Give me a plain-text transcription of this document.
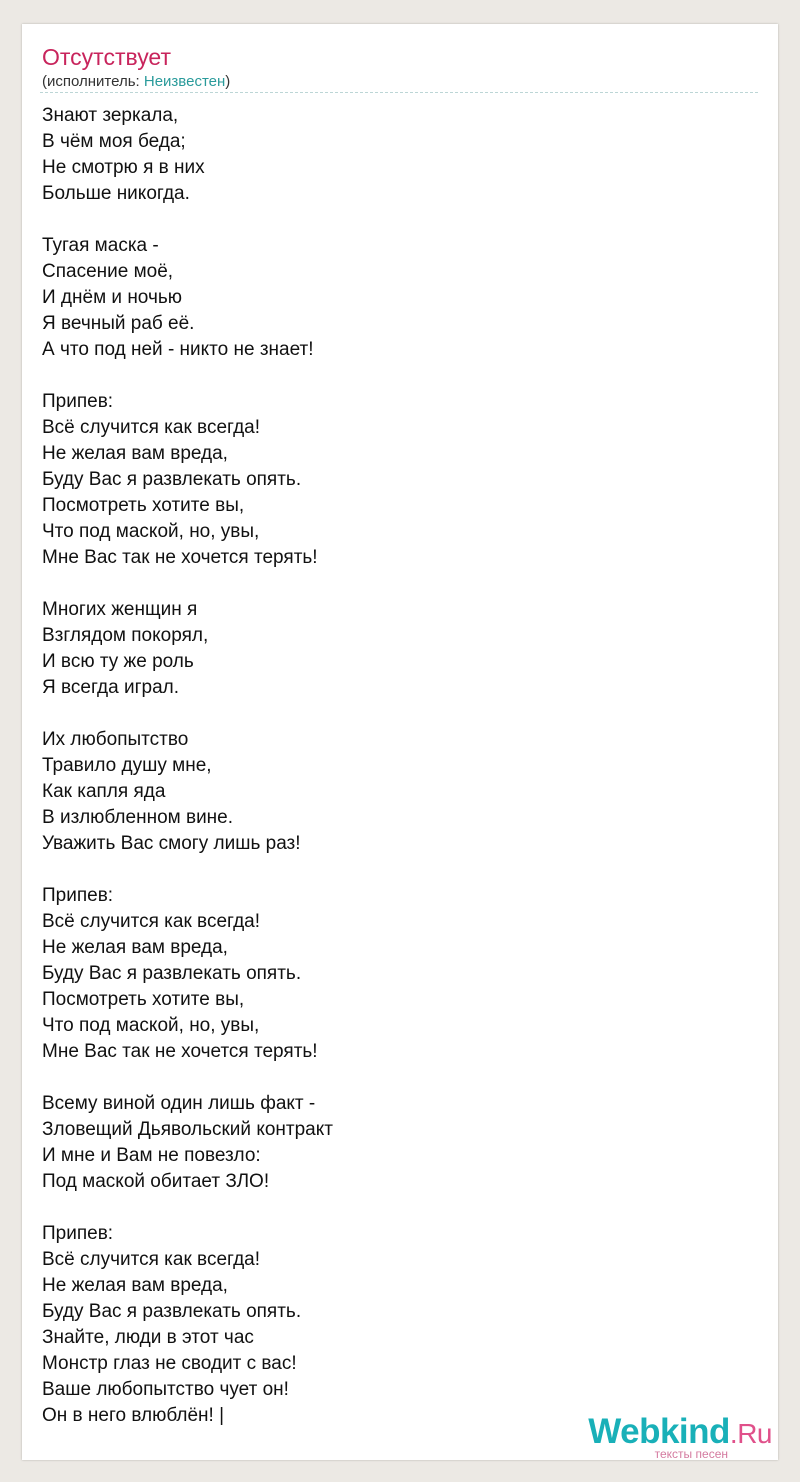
Отсутствует
(исполнитель: Неизвестен)
Знают зеркала,
В чём моя беда;
Не смотрю я в них
Больше никогда.
Тугая маска -
Спасение моё,
И днём и ночью
Я вечный раб её.
А что под ней - никто не знает!
Припев:
Всё случится как всегда!
Не желая вам вреда,
Буду Вас я развлекать опять.
Посмотреть хотите вы,
Что под маской, но, увы,
Мне Вас так не хочется терять!
Многих женщин я
Взглядом покорял,
И всю ту же роль
Я всегда играл.
Их любопытство
Травило душу мне,
Как капля яда
В излюбленном вине.
Уважить Вас смогу лишь раз!
Припев:
Всё случится как всегда!
Не желая вам вреда,
Буду Вас я развлекать опять.
Посмотреть хотите вы,
Что под маской, но, увы,
Мне Вас так не хочется терять!
Всему виной один лишь факт -
Зловещий Дьявольский контракт
И мне и Вам не повезло:
Под маской обитает ЗЛО!
Припев:
Всё случится как всегда!
Не желая вам вреда,
Буду Вас я развлекать опять.
Знайте, люди в этот час
Монстр глаз не сводит с вас!
Ваше любопытство чует он!
Он в него влюблён! |	Webkind.Ru
тексты песен
